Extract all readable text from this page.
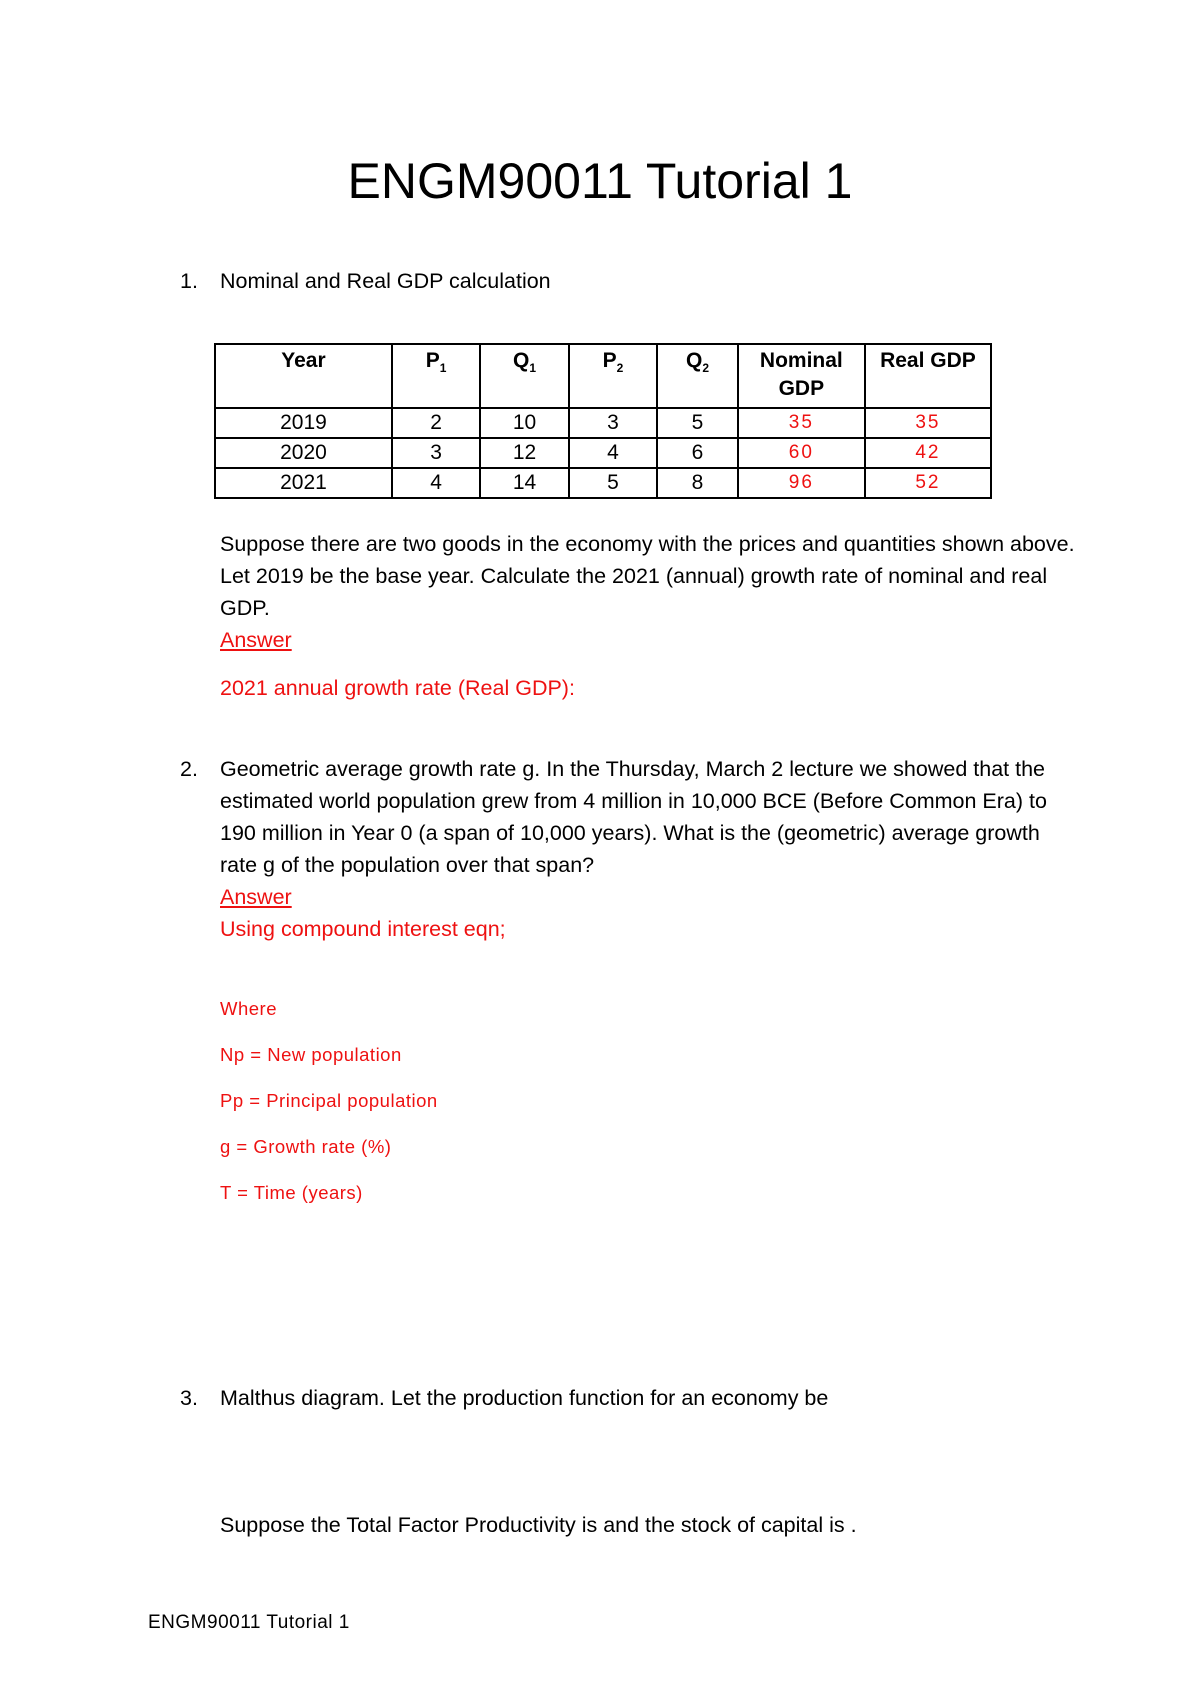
ENGM90011 Tutorial 1
1.	Nominal and Real GDP calculation
Year	$P_1$	$Q_1$	$P_2$	$Q_2$	Nominal GDP	Real GDP
2019	2	10	3	5	35	35
2020	3	12	4	6	60	42
2021	4	14	5	8	96	52
Suppose there are two goods in the economy with the prices and quantities shown above. Let 2019 be the base year. Calculate the 2021 (annual) growth rate of nominal and real GDP.
Answer
2021 annual growth rate (Real GDP):
2.	Geometric average growth rate g. In the Thursday, March 2 lecture we showed that the estimated world population grew from 4 million in 10,000 BCE (Before Common Era) to 190 million in Year 0 (a span of 10,000 years). What is the (geometric) average growth rate g of the population over that span?
Answer
Using compound interest eqn;
Where
Np = New population
Pp = Principal population
g = Growth rate (%)
T = Time (years)
3.	Malthus diagram. Let the production function for an economy be
Suppose the Total Factor Productivity is and the stock of capital is .
ENGM90011 Tutorial 1
